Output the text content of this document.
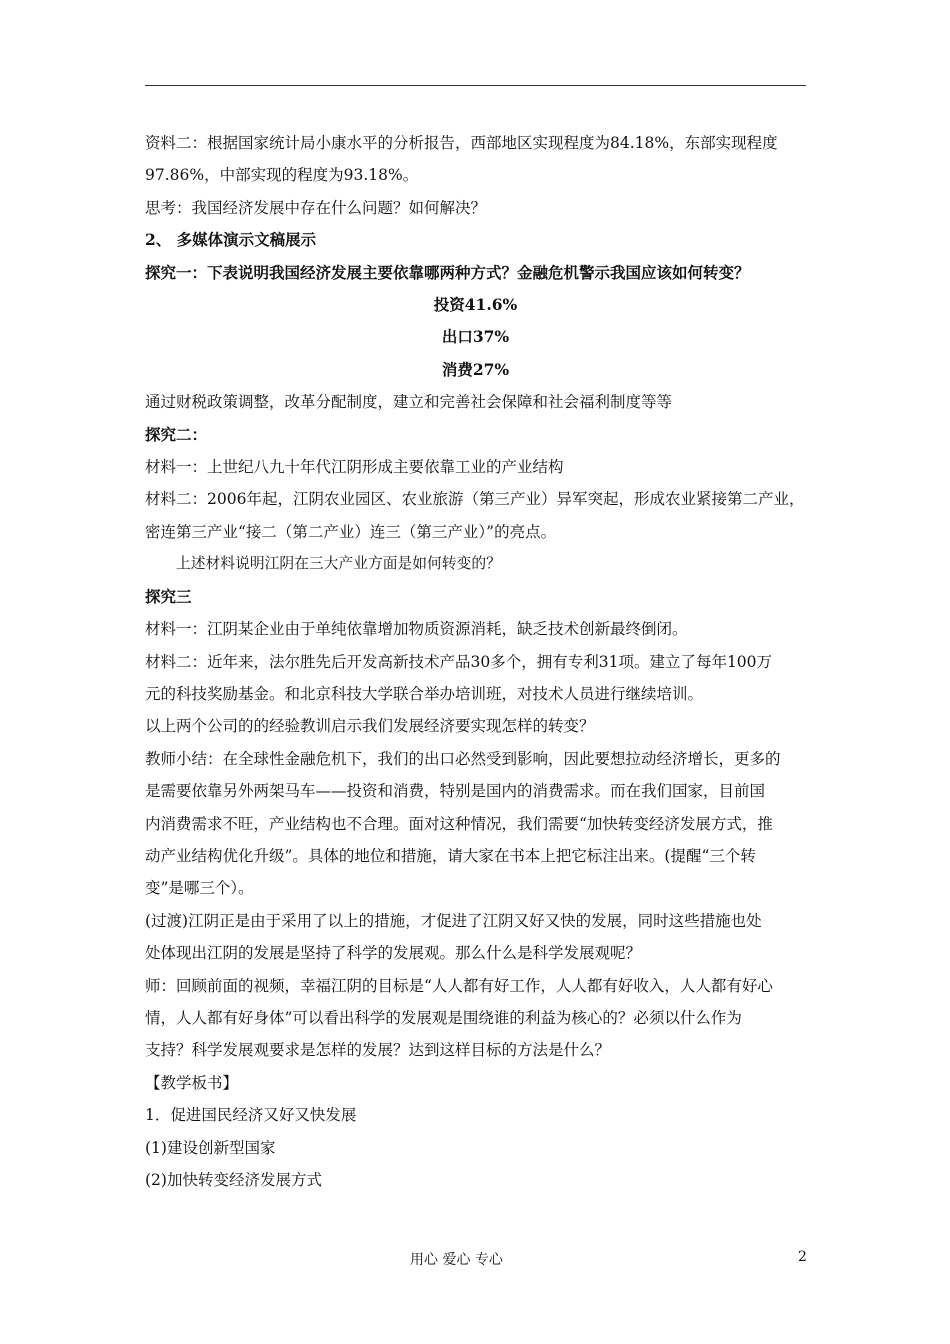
资料二：根据国家统计局小康水平的分析报告，西部地区实现程度为84.18%，东部实现程度

97.86%，中部实现的程度为93.18%。

思考：我国经济发展中存在什么问题？如何解决？

2、 多媒体演示文稿展示

探究一：下表说明我国经济发展主要依靠哪两种方式？金融危机警示我国应该如何转变？

投资41.6%

出口37%

消费27%

通过财税政策调整，改革分配制度，建立和完善社会保障和社会福利制度等等

探究二：

材料一：上世纪八九十年代江阴形成主要依靠工业的产业结构

材料二：2006年起，江阴农业园区、农业旅游（第三产业）异军突起，形成农业紧接第二产业，

密连第三产业“接二（第二产业）连三（第三产业）”的亮点。

上述材料说明江阴在三大产业方面是如何转变的？

探究三

材料一：江阴某企业由于单纯依靠增加物质资源消耗，缺乏技术创新最终倒闭。

材料二：近年来，法尔胜先后开发高新技术产品30多个，拥有专利31项。建立了每年100万

元的科技奖励基金。和北京科技大学联合举办培训班，对技术人员进行继续培训。

以上两个公司的的经验教训启示我们发展经济要实现怎样的转变？

教师小结：在全球性金融危机下，我们的出口必然受到影响，因此要想拉动经济增长，更多的

是需要依靠另外两架马车——投资和消费，特别是国内的消费需求。而在我们国家，目前国

内消费需求不旺，产业结构也不合理。面对这种情况，我们需要“加快转变经济发展方式，推

动产业结构优化升级”。具体的地位和措施，请大家在书本上把它标注出来。(提醒“三个转

变”是哪三个）。

(过渡)江阴正是由于采用了以上的措施，才促进了江阴又好又快的发展，同时这些措施也处

处体现出江阴的发展是坚持了科学的发展观。那么什么是科学发展观呢？

师：回顾前面的视频，幸福江阴的目标是“人人都有好工作，人人都有好收入，人人都有好心

情，人人都有好身体”可以看出科学的发展观是围绕谁的利益为核心的？必须以什么作为

支持？科学发展观要求是怎样的发展？达到这样目标的方法是什么？

【教学板书】

1．促进国民经济又好又快发展

(1)建设创新型国家

(2)加快转变经济发展方式

用心 爱心 专心	2
